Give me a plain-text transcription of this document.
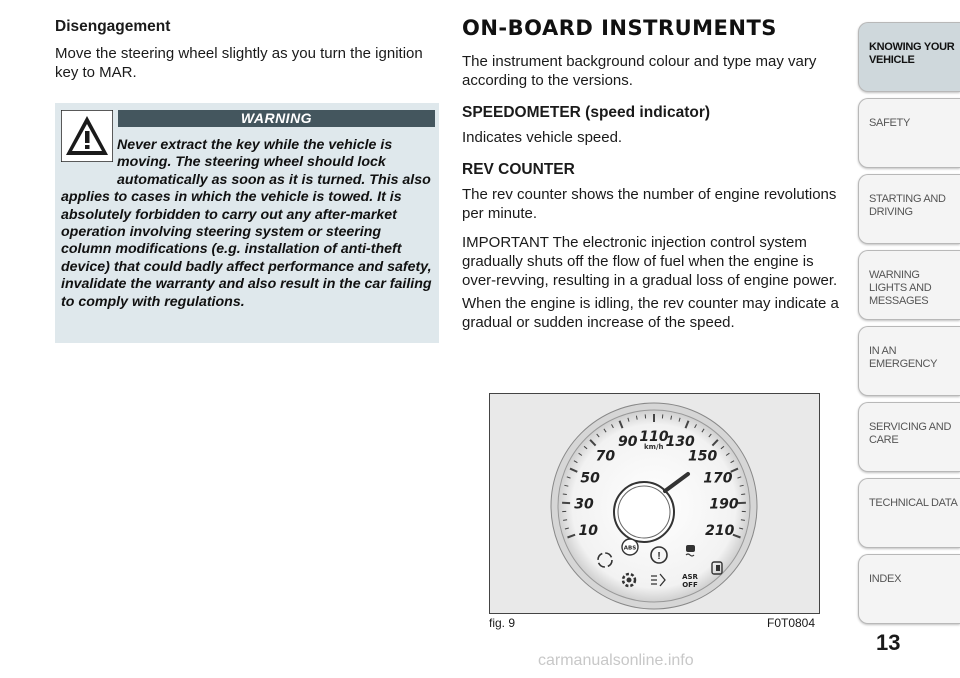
Disengagement

Move the steering wheel slightly as you turn the ignition key to MAR.

WARNING
Never extract the key while the vehicle is moving. The steering wheel should lock automatically as soon as it is turned. This also applies to cases in which the vehicle is towed. It is absolutely forbidden to carry out any after-market operation involving steering system or steering column modifications (e.g. installation of anti-theft device) that could badly affect performance and safety, invalidate the warranty and also result in the car failing to comply with regulations.

ON-BOARD INSTRUMENTS

The instrument background colour and type may vary according to the versions.

SPEEDOMETER (speed indicator)

Indicates vehicle speed.

REV COUNTER

The rev counter shows the number of engine revolutions per minute.

IMPORTANT The electronic injection control system gradually shuts off the flow of fuel when the engine is over-revving, resulting in a gradual loss of engine power.

When the engine is idling, the rev counter may indicate a gradual or sudden increase of the speed.

10
30
50
70
90 110
130
150
170
190
210
km/h
ABS
!
ASR
OFF
fig. 9	F0T0804
KNOWING YOUR VEHICLE
SAFETY
STARTING AND DRIVING
WARNING LIGHTS AND MESSAGES
IN AN EMERGENCY
SERVICING AND CARE
TECHNICAL DATA
INDEX
13
carmanualsonline.info
